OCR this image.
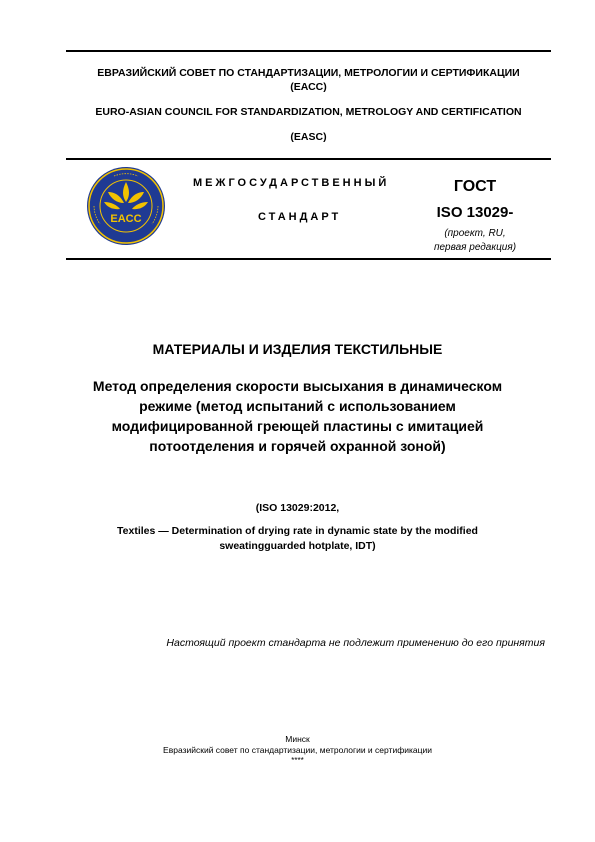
ЕВРАЗИЙСКИЙ СОВЕТ ПО СТАНДАРТИЗАЦИИ, МЕТРОЛОГИИ И СЕРТИФИКАЦИИ
(ЕАСС)
EURO-ASIAN COUNCIL FOR STANDARDIZATION, METROLOGY AND CERTIFICATION
(EASC)
EACC
МЕЖГОСУДАРСТВЕННЫЙ
СТАНДАРТ
ГОСТ
ISO 13029-
(проект, RU,
первая редакция)
МАТЕРИАЛЫ И ИЗДЕЛИЯ ТЕКСТИЛЬНЫЕ
Метод определения скорости высыхания в динамическом
режиме (метод испытаний с использованием
модифицированной греющей пластины с имитацией
потоотделения и горячей охранной зоной)
(ISO 13029:2012,
Textiles — Determination of drying rate in dynamic state by the modified
sweatingguarded hotplate, IDT)
Настоящий проект стандарта не подлежит применению до его принятия
Минск
Евразийский совет по стандартизации, метрологии и сертификации
****
